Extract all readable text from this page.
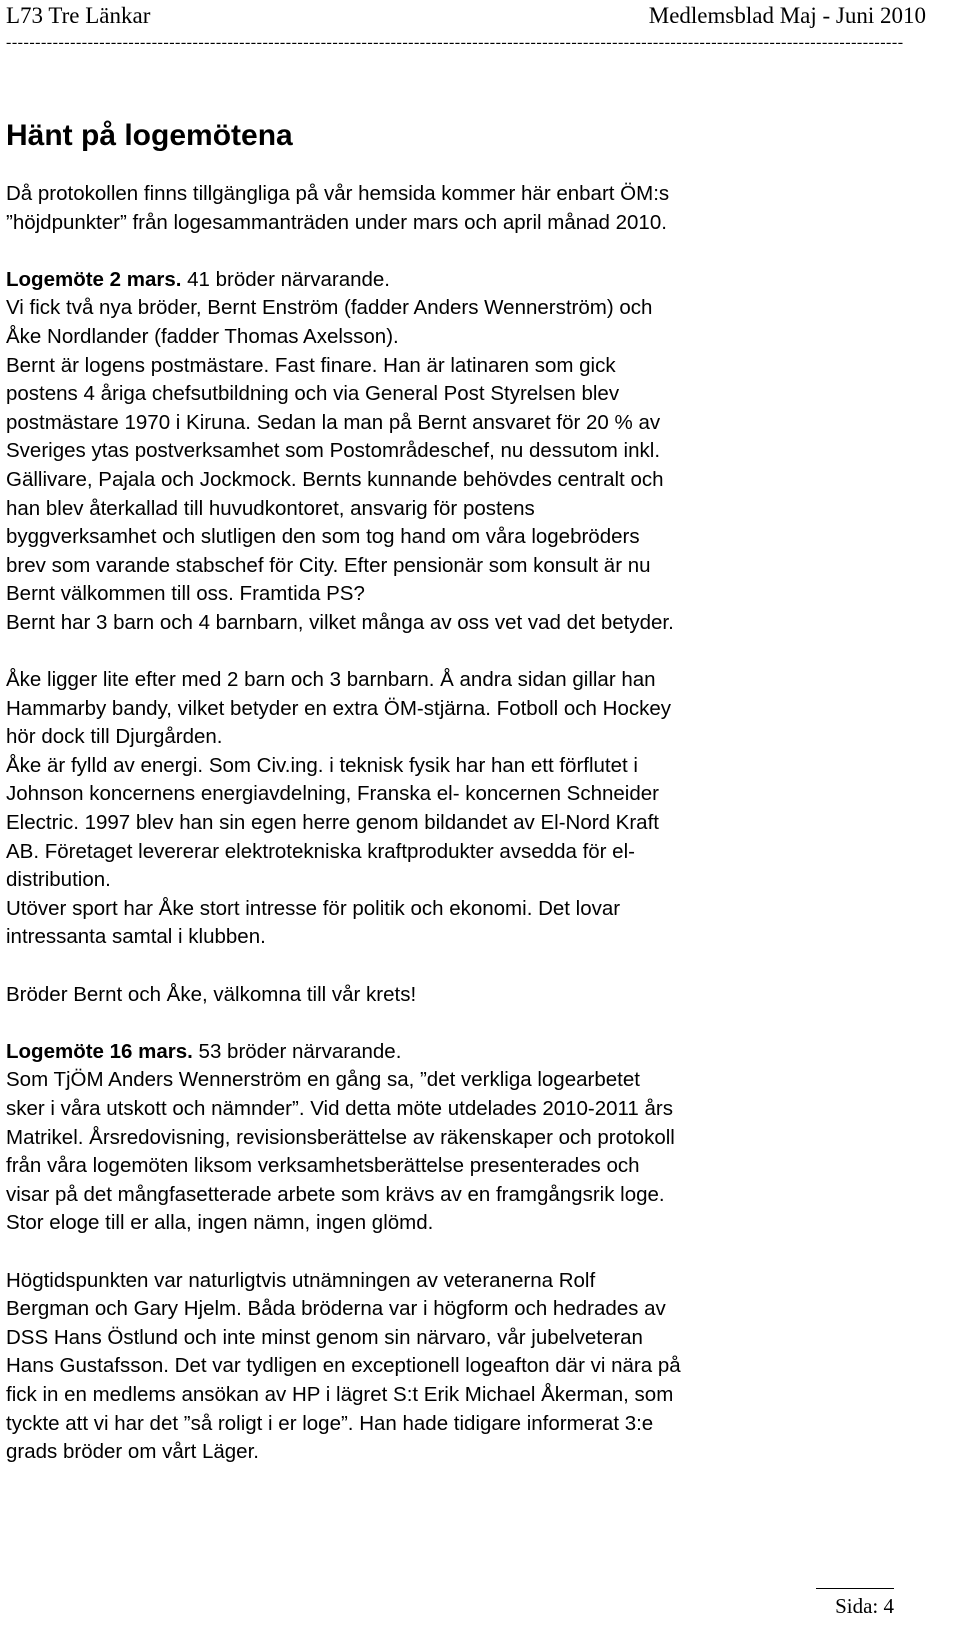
L73 Tre Länkar	Medlemsblad Maj - Juni 2010
----------------------------------------------------------------------------------------------------------------------------------------------------------
Hänt på logemötena

Då protokollen finns tillgängliga på vår hemsida kommer här enbart ÖM:s
”höjdpunkter” från logesammanträden under mars och april månad 2010.

Logemöte 2 mars. 41 bröder närvarande.
Vi fick två nya bröder, Bernt Enström (fadder Anders Wennerström) och
Åke Nordlander (fadder Thomas Axelsson).
Bernt är logens postmästare. Fast finare. Han är latinaren som gick
postens 4 åriga chefsutbildning och via General Post Styrelsen blev
postmästare 1970 i Kiruna. Sedan la man på Bernt ansvaret för 20 % av
Sveriges ytas postverksamhet som Postområdeschef, nu dessutom inkl.
Gällivare, Pajala och Jockmock. Bernts kunnande behövdes centralt och
han blev återkallad till huvudkontoret, ansvarig för postens
byggverksamhet och slutligen den som tog hand om våra logebröders
brev som varande stabschef för City. Efter pensionär som konsult är nu
Bernt välkommen till oss. Framtida PS?
Bernt har 3 barn och 4 barnbarn, vilket många av oss vet vad det betyder.

Åke ligger lite efter med 2 barn och 3 barnbarn. Å andra sidan gillar han
Hammarby bandy, vilket betyder en extra ÖM-stjärna. Fotboll och Hockey
hör dock till Djurgården.
Åke är fylld av energi. Som Civ.ing. i teknisk fysik har han ett förflutet i
Johnson koncernens energiavdelning, Franska el- koncernen Schneider
Electric. 1997 blev han sin egen herre genom bildandet av El-Nord Kraft
AB. Företaget levererar elektrotekniska kraftprodukter avsedda för el-
distribution.
Utöver sport har Åke stort intresse för politik och ekonomi. Det lovar
intressanta samtal i klubben.

Bröder Bernt och Åke, välkomna till vår krets!

Logemöte 16 mars. 53 bröder närvarande.
Som TjÖM Anders Wennerström en gång sa, ”det verkliga logearbetet
sker i våra utskott och nämnder”. Vid detta möte utdelades 2010-2011 års
Matrikel. Årsredovisning, revisionsberättelse av räkenskaper och protokoll
från våra logemöten liksom verksamhetsberättelse presenterades och
visar på det mångfasetterade arbete som krävs av en framgångsrik loge.
Stor eloge till er alla, ingen nämn, ingen glömd.

Högtidspunkten var naturligtvis utnämningen av veteranerna Rolf
Bergman och Gary Hjelm. Båda bröderna var i högform och hedrades av
DSS Hans Östlund och inte minst genom sin närvaro, vår jubelveteran
Hans Gustafsson. Det var tydligen en exceptionell logeafton där vi nära på
fick in en medlems ansökan av HP i lägret S:t Erik Michael Åkerman, som
tyckte att vi har det ”så roligt i er loge”. Han hade tidigare informerat 3:e
grads bröder om vårt Läger.

Sida: 4
